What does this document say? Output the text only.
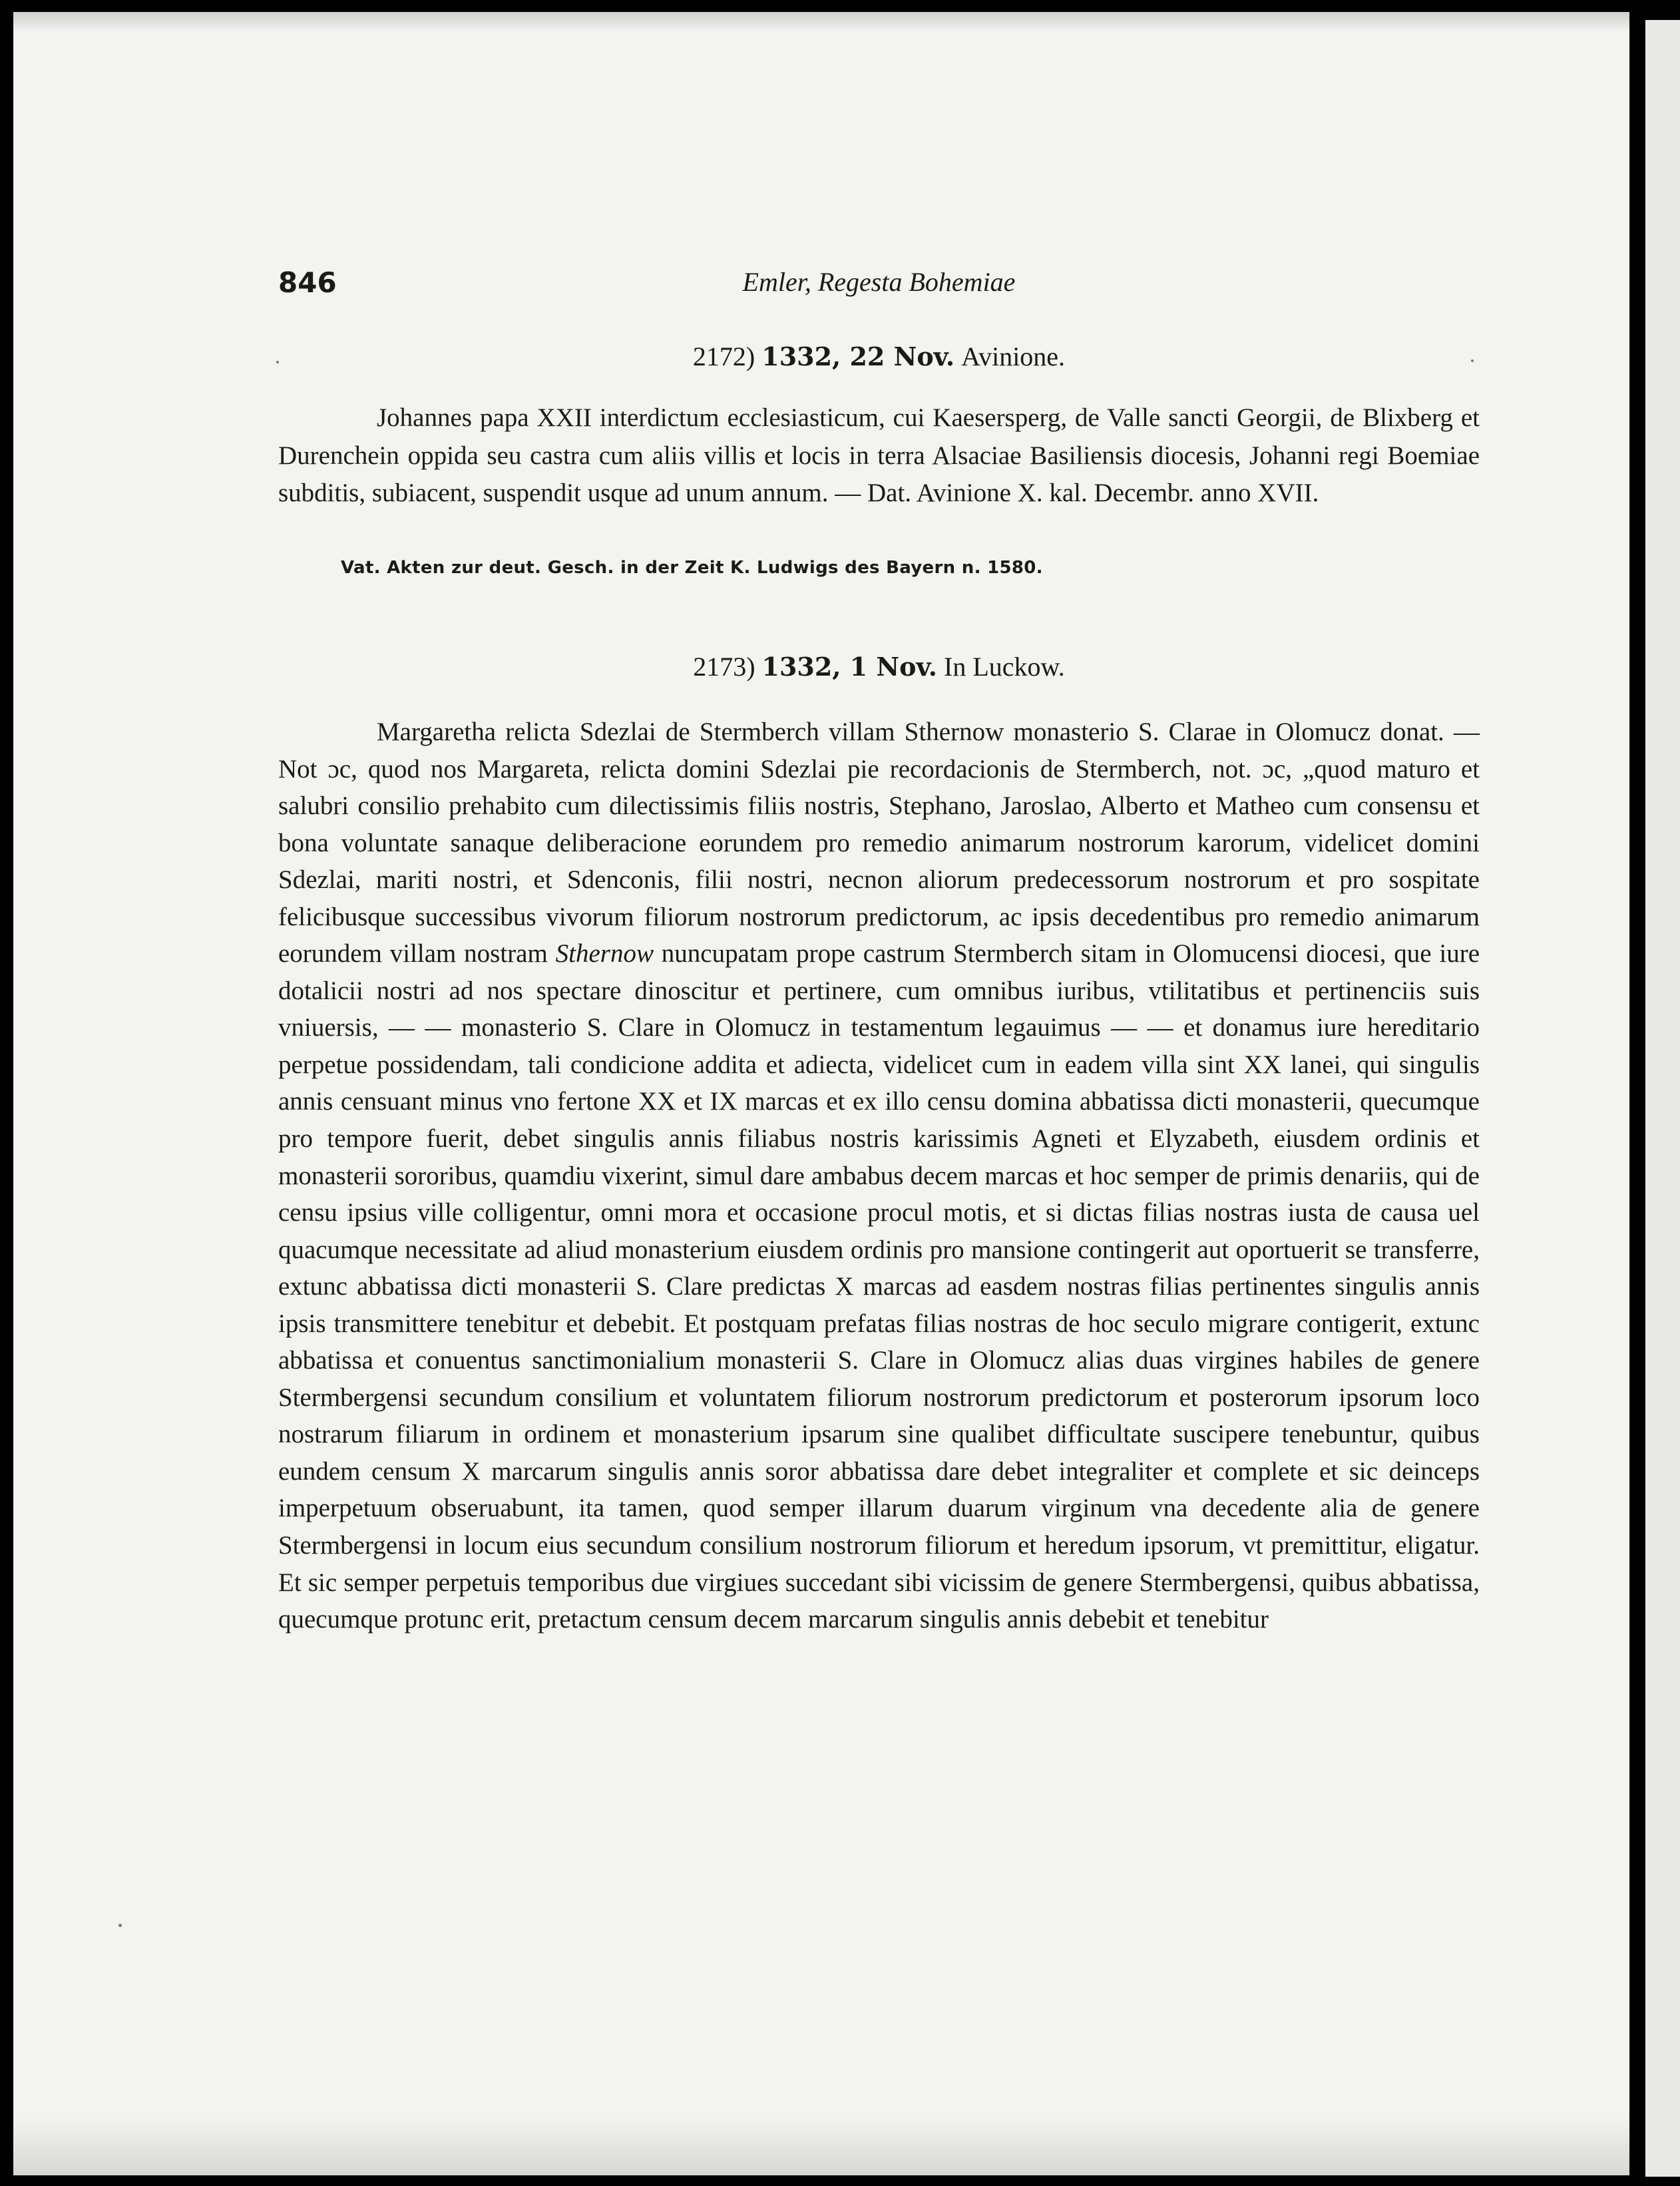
846	Emler, Regesta Bohemiae
2172) 1332, 22 Nov. Avinione.

Johannes papa XXII interdictum ecclesiasticum, cui Kaesersperg, de Valle sancti Georgii, de Blixberg et Durenchein oppida seu castra cum aliis villis et locis in terra Alsaciae Basiliensis diocesis, Johanni regi Boemiae subditis, subiacent, suspendit usque ad unum annum. — Dat. Avinione X. kal. Decembr. anno XVII.

Vat. Akten zur deut. Gesch. in der Zeit K. Ludwigs des Bayern n. 1580.
2173) 1332, 1 Nov. In Luckow.

Margaretha relicta Sdezlai de Stermberch villam Sthernow monasterio S. Clarae in Olomucz donat. — Not ɔc, quod nos Margareta, relicta domini Sdezlai pie recordacionis de Stermberch, not. ɔc, „quod maturo et salubri consilio prehabito cum dilectissimis filiis nostris, Stephano, Jaroslao, Alberto et Matheo cum consensu et bona voluntate sanaque deliberacione eorundem pro remedio animarum nostrorum karorum, videlicet domini Sdezlai, mariti nostri, et Sdenconis, filii nostri, necnon aliorum predecessorum nostrorum et pro sospitate felicibusque successibus vivorum filiorum nostrorum predictorum, ac ipsis decedentibus pro remedio animarum eorundem villam nostram Sthernow nuncupatam prope castrum Stermberch sitam in Olomucensi diocesi, que iure dotalicii nostri ad nos spectare dinoscitur et pertinere, cum omnibus iuribus, vtilitatibus et pertinenciis suis vniuersis, — — monasterio S. Clare in Olomucz in testamentum legauimus — — et donamus iure hereditario perpetue possidendam, tali condicione addita et adiecta, videlicet cum in eadem villa sint XX lanei, qui singulis annis censuant minus vno fertone XX et IX marcas et ex illo censu domina abbatissa dicti monasterii, quecumque pro tempore fuerit, debet singulis annis filiabus nostris karissimis Agneti et Elyzabeth, eiusdem ordinis et monasterii sororibus, quamdiu vixerint, simul dare ambabus decem marcas et hoc semper de primis denariis, qui de censu ipsius ville colligentur, omni mora et occasione procul motis, et si dictas filias nostras iusta de causa uel quacumque necessitate ad aliud monasterium eiusdem ordinis pro mansione contingerit aut oportuerit se transferre, extunc abbatissa dicti monasterii S. Clare predictas X marcas ad easdem nostras filias pertinentes singulis annis ipsis transmittere tenebitur et debebit. Et postquam prefatas filias nostras de hoc seculo migrare contigerit, extunc abbatissa et conuentus sanctimonialium monasterii S. Clare in Olomucz alias duas virgines habiles de genere Stermbergensi secundum consilium et voluntatem filiorum nostrorum predictorum et posterorum ipsorum loco nostrarum filiarum in ordinem et monasterium ipsarum sine qualibet difficultate suscipere tenebuntur, quibus eundem censum X marcarum singulis annis soror abbatissa dare debet integraliter et complete et sic deinceps imperpetuum obseruabunt, ita tamen, quod semper illarum duarum virginum vna decedente alia de genere Stermbergensi in locum eius secundum consilium nostrorum filiorum et heredum ipsorum, vt premittitur, eligatur. Et sic semper perpetuis temporibus due virgiues succedant sibi vicissim de genere Stermbergensi, quibus abbatissa, quecumque protunc erit, pretactum censum decem marcarum singulis annis debebit et tenebitur
